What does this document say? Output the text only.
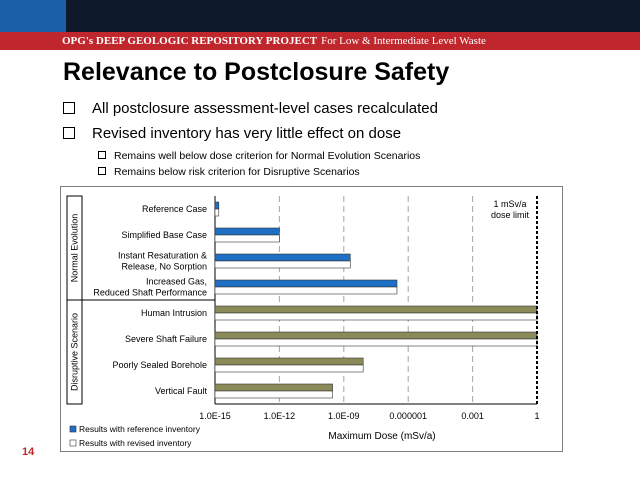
OPG's DEEP GEOLOGIC REPOSITORY PROJECT For Low & Intermediate Level Waste
Relevance to Postclosure Safety
All postclosure assessment-level cases recalculated
Revised inventory has very little effect on dose
Remains well below dose criterion for Normal Evolution Scenarios
Remains below risk criterion for Disruptive Scenarios
1.0E-15	1.0E-12	1.0E-09	0.000001	0.001	1
Maximum Dose (mSv/a)
Normal Evolution
Disruptive Scenario
Reference Case
Simplified Base Case
Instant Resaturation &
Release, No Sorption
Increased Gas,
Reduced Shaft Performance
Human Intrusion
Severe Shaft Failure
Poorly Sealed Borehole
Vertical Fault
1 mSv/a
dose limit
Results with reference inventory
Results with revised inventory
14
